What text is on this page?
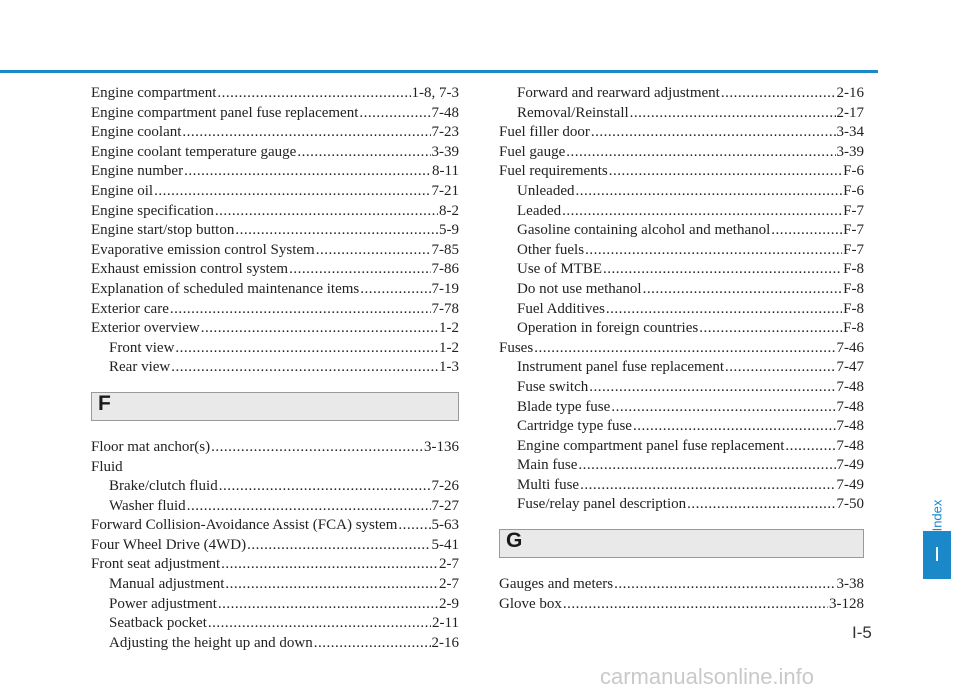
Engine compartment .....	1-8, 7-3
Engine compartment panel fuse replacement .....	7-48
Engine coolant .....	7-23
Engine coolant temperature gauge .....	3-39
Engine number .....	8-11
Engine oil .....	7-21
Engine specification .....	8-2
Engine start/stop button .....	5-9
Evaporative emission control System .....	7-85
Exhaust emission control system .....	7-86
Explanation of scheduled maintenance items .....	7-19
Exterior care .....	7-78
Exterior overview .....	1-2
Front view .....	1-2
Rear view .....	1-3
F
Floor mat anchor(s) .....	3-136
Fluid
Brake/clutch fluid .....	7-26
Washer fluid .....	7-27
Forward Collision-Avoidance Assist (FCA) system ..... 5-63
Four Wheel Drive (4WD) .....	5-41
Front seat adjustment .....	2-7
Manual adjustment .....	2-7
Power adjustment .....	2-9
Seatback pocket .....	2-11
Adjusting the height up and down .....	2-16
Forward and rearward adjustment .....	2-16
Removal/Reinstall .....	2-17
Fuel filler door .....	3-34
Fuel gauge .....	3-39
Fuel requirements .....	F-6
Unleaded .....	F-6
Leaded .....	F-7
Gasoline containing alcohol and methanol .....	F-7
Other fuels .....	F-7
Use of MTBE .....	F-8
Do not use methanol .....	F-8
Fuel Additives .....	F-8
Operation in foreign countries .....	F-8
Fuses .....	7-46
Instrument panel fuse replacement .....	7-47
Fuse switch .....	7-48
Blade type fuse .....	7-48
Cartridge type fuse .....	7-48
Engine compartment panel fuse replacement .....	7-48
Main fuse .....	7-49
Multi fuse .....	7-49
Fuse/relay panel description .....	7-50
G
Gauges and meters .....	3-38
Glove box .....	3-128
Index
I
I-5
carmanualsonline.info
